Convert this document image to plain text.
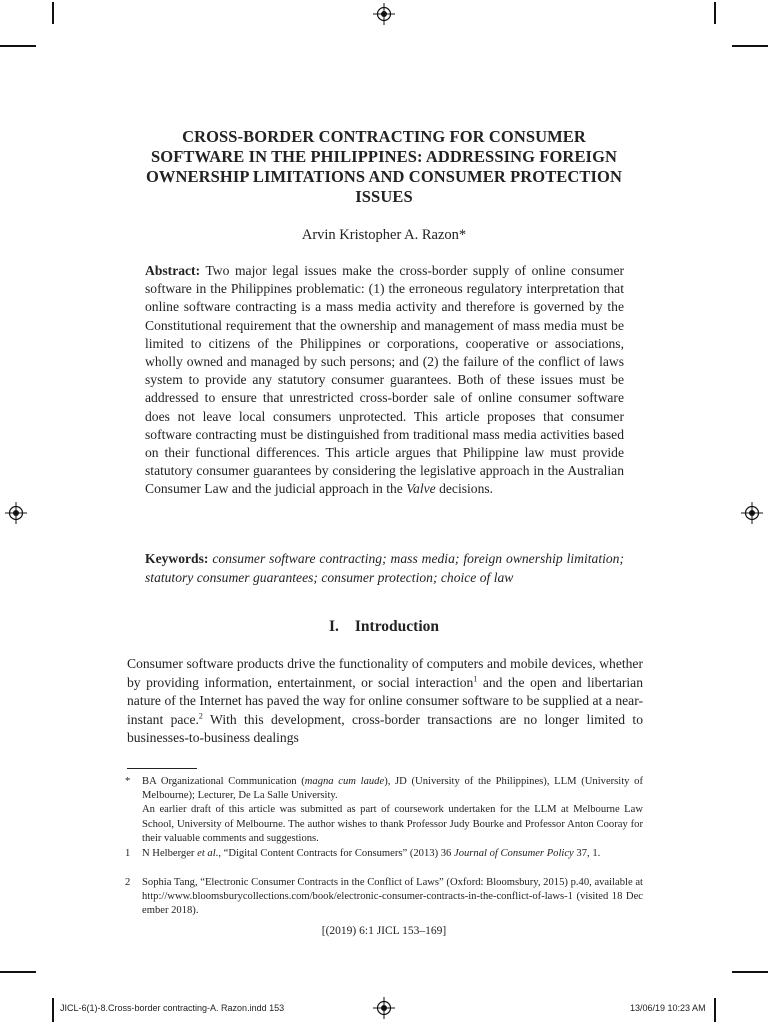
CROSS-BORDER CONTRACTING FOR CONSUMER SOFTWARE IN THE PHILIPPINES: ADDRESSING FOREIGN OWNERSHIP LIMITATIONS AND CONSUMER PROTECTION ISSUES
Arvin Kristopher A. Razon*
Abstract: Two major legal issues make the cross-border supply of online consumer software in the Philippines problematic: (1) the erroneous regulatory interpretation that online software contracting is a mass media activity and therefore is governed by the Constitutional requirement that the ownership and management of mass media must be limited to citizens of the Philippines or corporations, cooperative or associations, wholly owned and managed by such persons; and (2) the failure of the conflict of laws system to provide any statutory consumer guarantees. Both of these issues must be addressed to ensure that unrestricted cross-border sale of online consumer software does not leave local consumers unprotected. This article proposes that consumer software contracting must be distinguished from traditional mass media activities based on their functional differences. This article argues that Philippine law must provide statutory consumer guarantees by considering the legislative approach in the Australian Consumer Law and the judicial approach in the Valve decisions.
Keywords: consumer software contracting; mass media; foreign ownership limitation; statutory consumer guarantees; consumer protection; choice of law
I. Introduction
Consumer software products drive the functionality of computers and mobile devices, whether by providing information, entertainment, or social interaction$^1$ and the open and libertarian nature of the Internet has paved the way for online consumer software to be supplied at a near-instant pace.$^2$ With this development, cross-border transactions are no longer limited to businesses-to-business dealings
* BA Organizational Communication (magna cum laude), JD (University of the Philippines), LLM (University of Melbourne); Lecturer, De La Salle University.
An earlier draft of this article was submitted as part of coursework undertaken for the LLM at Melbourne Law School, University of Melbourne. The author wishes to thank Professor Judy Bourke and Professor Anton Cooray for their valuable comments and suggestions.
1 N Helberger et al., “Digital Content Contracts for Consumers” (2013) 36 Journal of Consumer Policy 37, 1.
2 Sophia Tang, “Electronic Consumer Contracts in the Conflict of Laws” (Oxford: Bloomsbury, 2015) p.40, available at http://www.bloomsburycollections.com/book/electronic-consumer-contracts-in-the-conflict-of-laws-1 (visited 18 December 2018).
[(2019) 6:1 JICL 153–169]
JICL-6(1)-8.Cross-border contracting-A. Razon.indd 153	13/06/19 10:23 AM
